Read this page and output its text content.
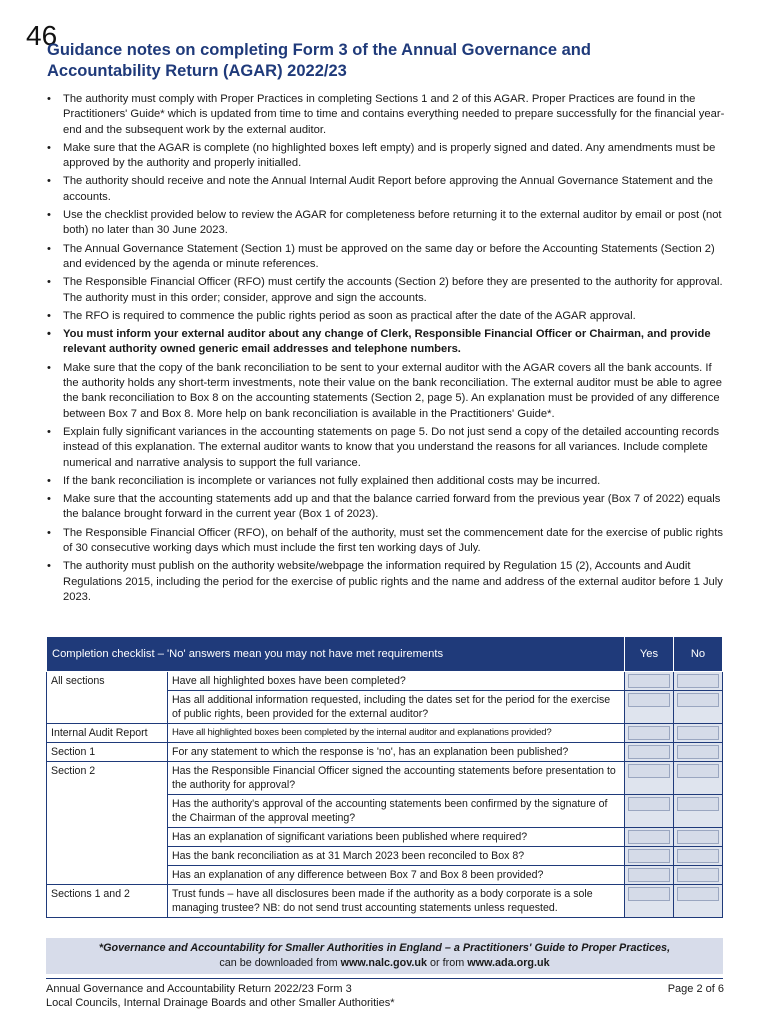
46
Guidance notes on completing Form 3 of the Annual Governance and
Accountability Return (AGAR) 2022/23
• The authority must comply with Proper Practices in completing Sections 1 and 2 of this AGAR. Proper Practices are found in the Practitioners' Guide* which is updated from time to time and contains everything needed to prepare successfully for the financial year-end and the subsequent work by the external auditor.
• Make sure that the AGAR is complete (no highlighted boxes left empty) and is properly signed and dated. Any amendments must be approved by the authority and properly initialled.
• The authority should receive and note the Annual Internal Audit Report before approving the Annual Governance Statement and the accounts.
• Use the checklist provided below to review the AGAR for completeness before returning it to the external auditor by email or post (not both) no later than 30 June 2023.
• The Annual Governance Statement (Section 1) must be approved on the same day or before the Accounting Statements (Section 2) and evidenced by the agenda or minute references.
• The Responsible Financial Officer (RFO) must certify the accounts (Section 2) before they are presented to the authority for approval. The authority must in this order; consider, approve and sign the accounts.
• The RFO is required to commence the public rights period as soon as practical after the date of the AGAR approval.
• You must inform your external auditor about any change of Clerk, Responsible Financial Officer or Chairman, and provide relevant authority owned generic email addresses and telephone numbers.
• Make sure that the copy of the bank reconciliation to be sent to your external auditor with the AGAR covers all the bank accounts. If the authority holds any short-term investments, note their value on the bank reconciliation. The external auditor must be able to agree the bank reconciliation to Box 8 on the accounting statements (Section 2, page 5). An explanation must be provided of any difference between Box 7 and Box 8. More help on bank reconciliation is available in the Practitioners' Guide*.
• Explain fully significant variances in the accounting statements on page 5. Do not just send a copy of the detailed accounting records instead of this explanation. The external auditor wants to know that you understand the reasons for all variances. Include complete numerical and narrative analysis to support the full variance.
• If the bank reconciliation is incomplete or variances not fully explained then additional costs may be incurred.
• Make sure that the accounting statements add up and that the balance carried forward from the previous year (Box 7 of 2022) equals the balance brought forward in the current year (Box 1 of 2023).
• The Responsible Financial Officer (RFO), on behalf of the authority, must set the commencement date for the exercise of public rights of 30 consecutive working days which must include the first ten working days of July.
• The authority must publish on the authority website/webpage the information required by Regulation 15 (2), Accounts and Audit Regulations 2015, including the period for the exercise of public rights and the name and address of the external auditor before 1 July 2023.
Completion checklist – 'No' answers mean you may not have met requirements		Yes	No
All sections	Have all highlighted boxes have been completed?	

	Has all additional information requested, including the dates set for the period for the exercise of public rights, been provided for the external auditor?	

Internal Audit Report	Have all highlighted boxes been completed by the internal auditor and explanations provided?	

Section 1	For any statement to which the response is 'no', has an explanation been published?	

Section 2	Has the Responsible Financial Officer signed the accounting statements before presentation to the authority for approval?	

	Has the authority's approval of the accounting statements been confirmed by the signature of the Chairman of the approval meeting?	

	Has an explanation of significant variations been published where required?	

	Has the bank reconciliation as at 31 March 2023 been reconciled to Box 8?	

	Has an explanation of any difference between Box 7 and Box 8 been provided?	

Sections 1 and 2	Trust funds – have all disclosures been made if the authority as a body corporate is a sole managing trustee? NB: do not send trust accounting statements unless requested.	

*Governance and Accountability for Smaller Authorities in England – a Practitioners' Guide to Proper Practices,
can be downloaded from www.nalc.gov.uk or from www.ada.org.uk
Annual Governance and Accountability Return 2022/23 Form 3
Local Councils, Internal Drainage Boards and other Smaller Authorities*
Page 2 of 6
